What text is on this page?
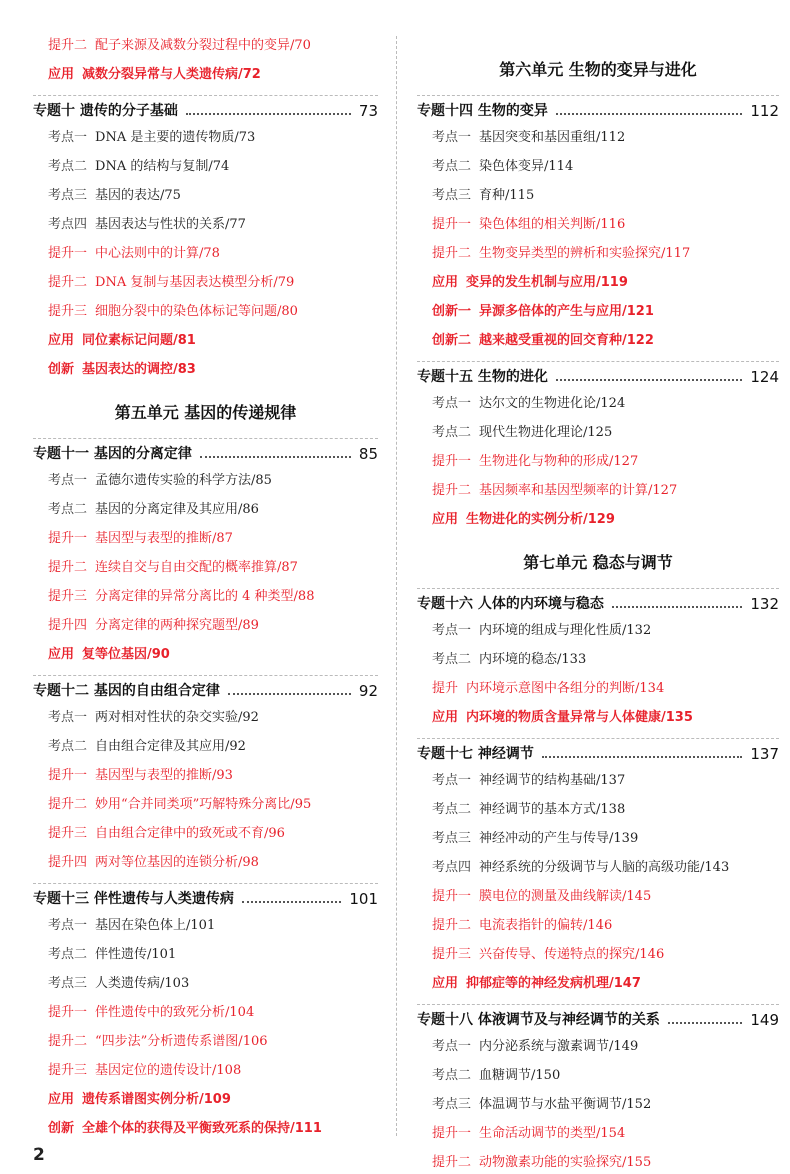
提升二 配子来源及减数分裂过程中的变异/70
应用 减数分裂异常与人类遗传病/72
专题十 遗传的分子基础	73
考点一 DNA 是主要的遗传物质/73
考点二 DNA 的结构与复制/74
考点三 基因的表达/75
考点四 基因表达与性状的关系/77
提升一 中心法则中的计算/78
提升二 DNA 复制与基因表达模型分析/79
提升三 细胞分裂中的染色体标记等问题/80
应用 同位素标记问题/81
创新 基因表达的调控/83
第五单元 基因的传递规律
专题十一 基因的分离定律	85
考点一 孟德尔遗传实验的科学方法/85
考点二 基因的分离定律及其应用/86
提升一 基因型与表型的推断/87
提升二 连续自交与自由交配的概率推算/87
提升三 分离定律的异常分离比的 4 种类型/88
提升四 分离定律的两种探究题型/89
应用 复等位基因/90
专题十二 基因的自由组合定律	92
考点一 两对相对性状的杂交实验/92
考点二 自由组合定律及其应用/92
提升一 基因型与表型的推断/93
提升二 妙用“合并同类项”巧解特殊分离比/95
提升三 自由组合定律中的致死或不育/96
提升四 两对等位基因的连锁分析/98
专题十三 伴性遗传与人类遗传病	101
考点一 基因在染色体上/101
考点二 伴性遗传/101
考点三 人类遗传病/103
提升一 伴性遗传中的致死分析/104
提升二 “四步法”分析遗传系谱图/106
提升三 基因定位的遗传设计/108
应用 遗传系谱图实例分析/109
创新 全雄个体的获得及平衡致死系的保持/111
第六单元 生物的变异与进化
专题十四 生物的变异	112
考点一 基因突变和基因重组/112
考点二 染色体变异/114
考点三 育种/115
提升一 染色体组的相关判断/116
提升二 生物变异类型的辨析和实验探究/117
应用 变异的发生机制与应用/119
创新一 异源多倍体的产生与应用/121
创新二 越来越受重视的回交育种/122
专题十五 生物的进化	124
考点一 达尔文的生物进化论/124
考点二 现代生物进化理论/125
提升一 生物进化与物种的形成/127
提升二 基因频率和基因型频率的计算/127
应用 生物进化的实例分析/129
第七单元 稳态与调节
专题十六 人体的内环境与稳态	132
考点一 内环境的组成与理化性质/132
考点二 内环境的稳态/133
提升 内环境示意图中各组分的判断/134
应用 内环境的物质含量异常与人体健康/135
专题十七 神经调节	137
考点一 神经调节的结构基础/137
考点二 神经调节的基本方式/138
考点三 神经冲动的产生与传导/139
考点四 神经系统的分级调节与人脑的高级功能/143
提升一 膜电位的测量及曲线解读/145
提升二 电流表指针的偏转/146
提升三 兴奋传导、传递特点的探究/146
应用 抑郁症等的神经发病机理/147
专题十八 体液调节及与神经调节的关系	149
考点一 内分泌系统与激素调节/149
考点二 血糖调节/150
考点三 体温调节与水盐平衡调节/152
提升一 生命活动调节的类型/154
提升二 动物激素功能的实验探究/155
2
